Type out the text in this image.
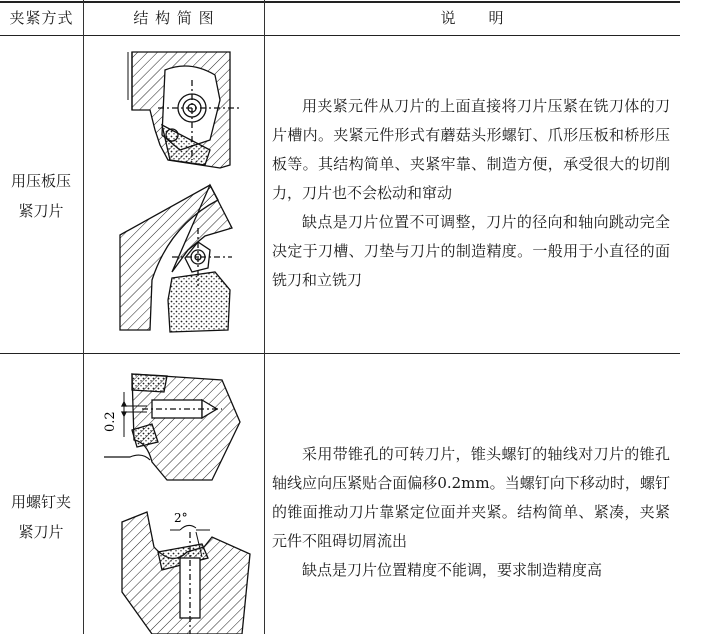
夹紧方式	结 构 简 图	说　　明
用压板压
紧刀片

用夹紧元件从刀片的上面直接将刀片压紧在铣刀体的刀片槽内。夹紧元件形式有蘑菇头形螺钉、爪形压板和桥形压板等。其结构简单、夹紧牢靠、制造方便，承受很大的切削力，刀片也不会松动和窜动

缺点是刀片位置不可调整，刀片的径向和轴向跳动完全决定于刀槽、刀垫与刀片的制造精度。一般用于小直径的面铣刀和立铣刀

用螺钉夹
紧刀片
0.2
2°

采用带锥孔的可转刀片，锥头螺钉的轴线对刀片的锥孔轴线应向压紧贴合面偏移0.2mm。当螺钉向下移动时，螺钉的锥面推动刀片靠紧定位面并夹紧。结构简单、紧凑，夹紧元件不阻碍切屑流出

缺点是刀片位置精度不能调，要求制造精度高
